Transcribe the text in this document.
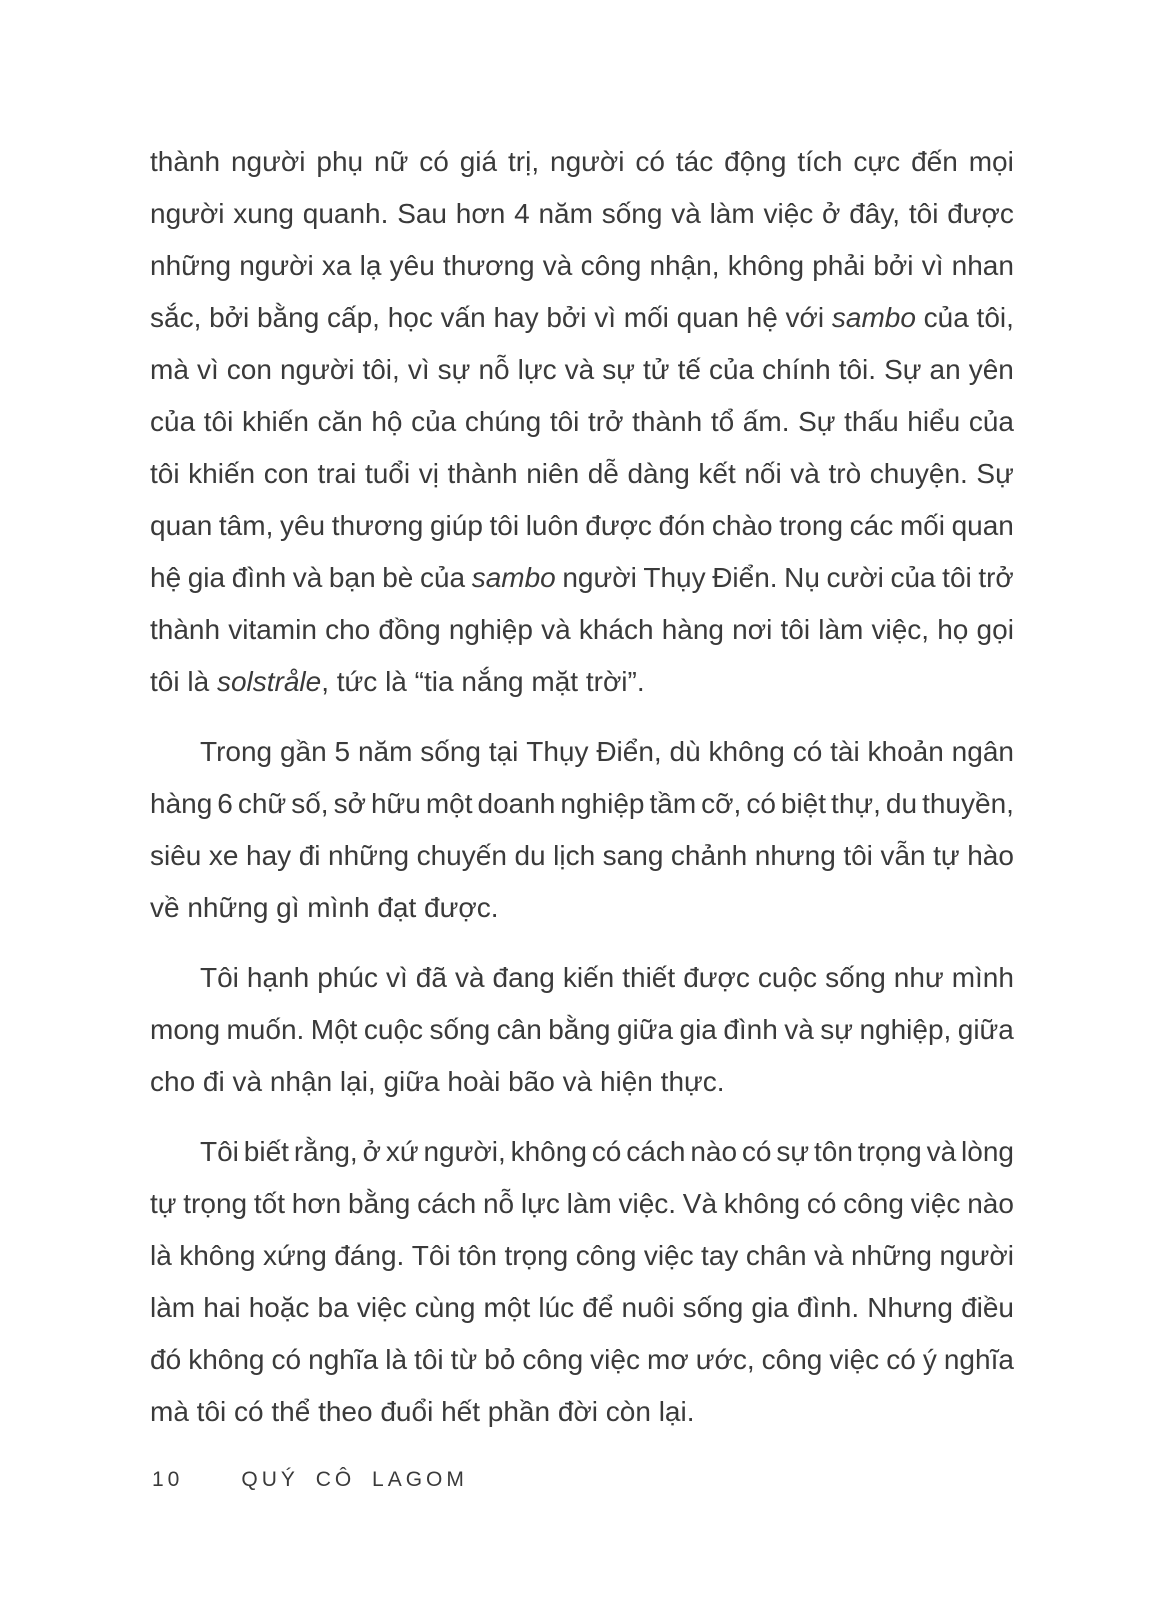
thành người phụ nữ có giá trị, người có tác động tích cực đến mọi
người xung quanh. Sau hơn 4 năm sống và làm việc ở đây, tôi được
những người xa lạ yêu thương và công nhận, không phải bởi vì nhan
sắc, bởi bằng cấp, học vấn hay bởi vì mối quan hệ với sambo của tôi,
mà vì con người tôi, vì sự nỗ lực và sự tử tế của chính tôi. Sự an yên
của tôi khiến căn hộ của chúng tôi trở thành tổ ấm. Sự thấu hiểu của
tôi khiến con trai tuổi vị thành niên dễ dàng kết nối và trò chuyện. Sự
quan tâm, yêu thương giúp tôi luôn được đón chào trong các mối quan
hệ gia đình và bạn bè của sambo người Thụy Điển. Nụ cười của tôi trở
thành vitamin cho đồng nghiệp và khách hàng nơi tôi làm việc, họ gọi
tôi là solstråle, tức là “tia nắng mặt trời”.
Trong gần 5 năm sống tại Thụy Điển, dù không có tài khoản ngân
hàng 6 chữ số, sở hữu một doanh nghiệp tầm cỡ, có biệt thự, du thuyền,
siêu xe hay đi những chuyến du lịch sang chảnh nhưng tôi vẫn tự hào
về những gì mình đạt được.
Tôi hạnh phúc vì đã và đang kiến thiết được cuộc sống như mình
mong muốn. Một cuộc sống cân bằng giữa gia đình và sự nghiệp, giữa
cho đi và nhận lại, giữa hoài bão và hiện thực.
Tôi biết rằng, ở xứ người, không có cách nào có sự tôn trọng và lòng
tự trọng tốt hơn bằng cách nỗ lực làm việc. Và không có công việc nào
là không xứng đáng. Tôi tôn trọng công việc tay chân và những người
làm hai hoặc ba việc cùng một lúc để nuôi sống gia đình. Nhưng điều
đó không có nghĩa là tôi từ bỏ công việc mơ ước, công việc có ý nghĩa
mà tôi có thể theo đuổi hết phần đời còn lại.
10	QUÝ CÔ LAGOM
